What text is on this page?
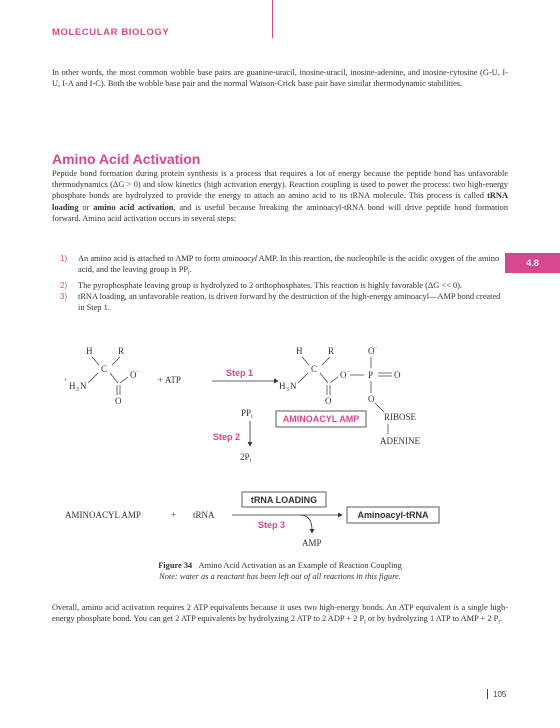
MOLECULAR BIOLOGY

In other words, the most common wobble base pairs are guanine-uracil, inosine-uracil, inosine-adenine, and inosine-cytosine (G-U, I-U, I-A and I-C). Both the wobble base pair and the normal Watson-Crick base pair have similar thermodynamic stabilities.

Amino Acid Activation

Peptide bond formation during protein synthesis is a process that requires a lot of energy because the peptide bond has unfavorable thermodynamics (ΔG > 0) and slow kinetics (high activation energy). Reaction coupling is used to power the process: two high-energy phosphate bonds are hydrolyzed to provide the energy to attach an amino acid to its tRNA molecule. This process is called tRNA loading or amino acid activation, and is useful because breaking the aminoacyl-tRNA bond will drive peptide bond formation forward. Amino acid activation occurs in several steps:

1) An amino acid is attached to AMP to form aminoacyl AMP. In this reaction, the nucleophile is the acidic oxygen of the amino acid, and the leaving group is $PP_i$.
2) The pyrophosphate leaving group is hydrolyzed to 2 orthophosphates. This reaction is highly favorable (ΔG << 0).
3) tRNA loading, an unfavorable reation, is driven forward by the destruction of the high-energy aminoacyl—AMP bond created in Step 1.
4.8
H	R
C
O -
O
+ H 3 N
+ ATP
Step 1
H	R
C
O -
O
+ H 3 N
P O
O -
O
RIBOSE
ADENINE
AMINOACYL AMP
$PP_i$
Step 2
$2P_i$
AMINOACYL AMP	+ tRNA
tRNA LOADING
Step 3
AMP
Aminoacyl-tRNA
Figure 34 Amino Acid Activation as an Example of Reaction Coupling
Note: water as a reactant has been left out of all reactions in this figure.

Overall, amino acid activation requires 2 ATP equivalents because it uses two high-energy bonds. An ATP equivalent is a single high-energy phosphate bond. You can get 2 ATP equivalents by hydrolyzing 2 ATP to 2 ADP + 2 $P_i$ or by hydrolyzing 1 ATP to AMP + 2 $P_i$.

105
